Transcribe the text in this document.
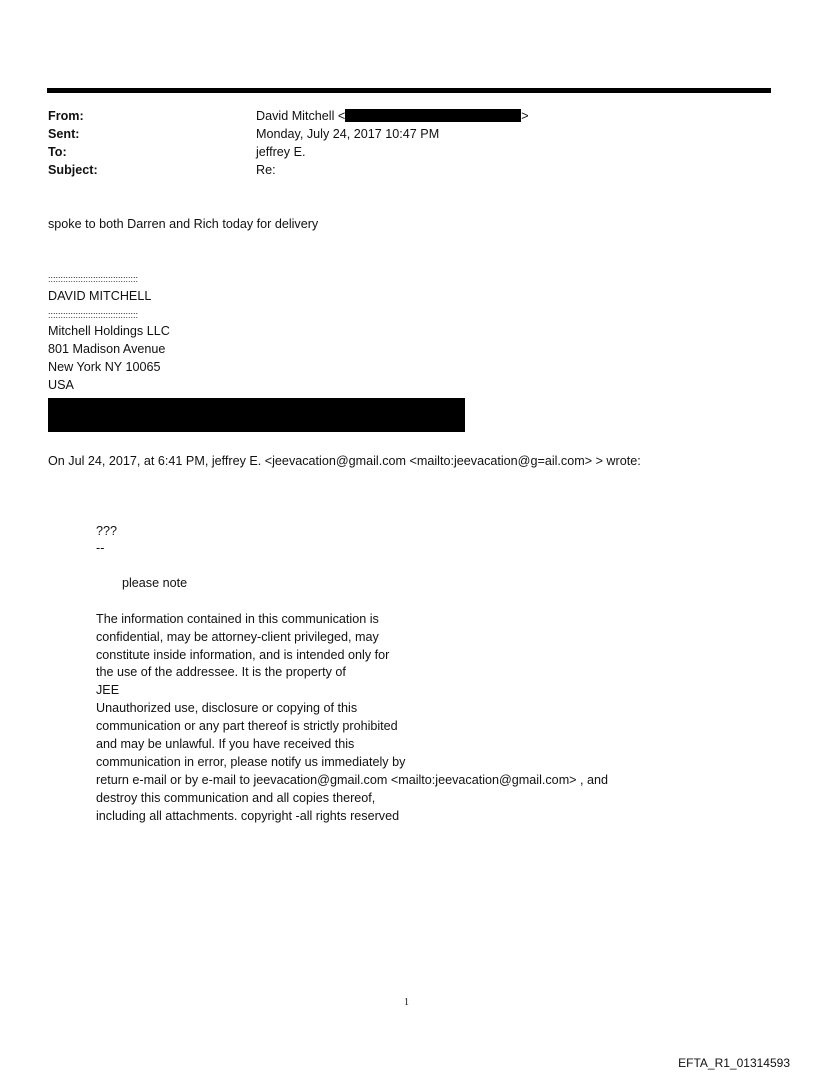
From:	David Mitchell <	>
Sent:	Monday, July 24, 2017 10:47 PM
To:	jeffrey E.
Subject:	Re:
spoke to both Darren and Rich today for delivery
::::::::::::::::::::::::::::::::::::
DAVID MITCHELL
::::::::::::::::::::::::::::::::::::
Mitchell Holdings LLC
801 Madison Avenue
New York NY 10065
USA
On Jul 24, 2017, at 6:41 PM, jeffrey E. <jeevacation@gmail.com <mailto:jeevacation@g=ail.com> > wrote:
???
--
please note
The information contained in this communication is
confidential, may be attorney-client privileged, may
constitute inside information, and is intended only for
the use of the addressee. It is the property of
JEE
Unauthorized use, disclosure or copying of this
communication or any part thereof is strictly prohibited
and may be unlawful. If you have received this
communication in error, please notify us immediately by
return e-mail or by e-mail to jeevacation@gmail.com <mailto:jeevacation@gmail.com> , and
destroy this communication and all copies thereof,
including all attachments. copyright -all rights reserved
1
EFTA_R1_01314593
